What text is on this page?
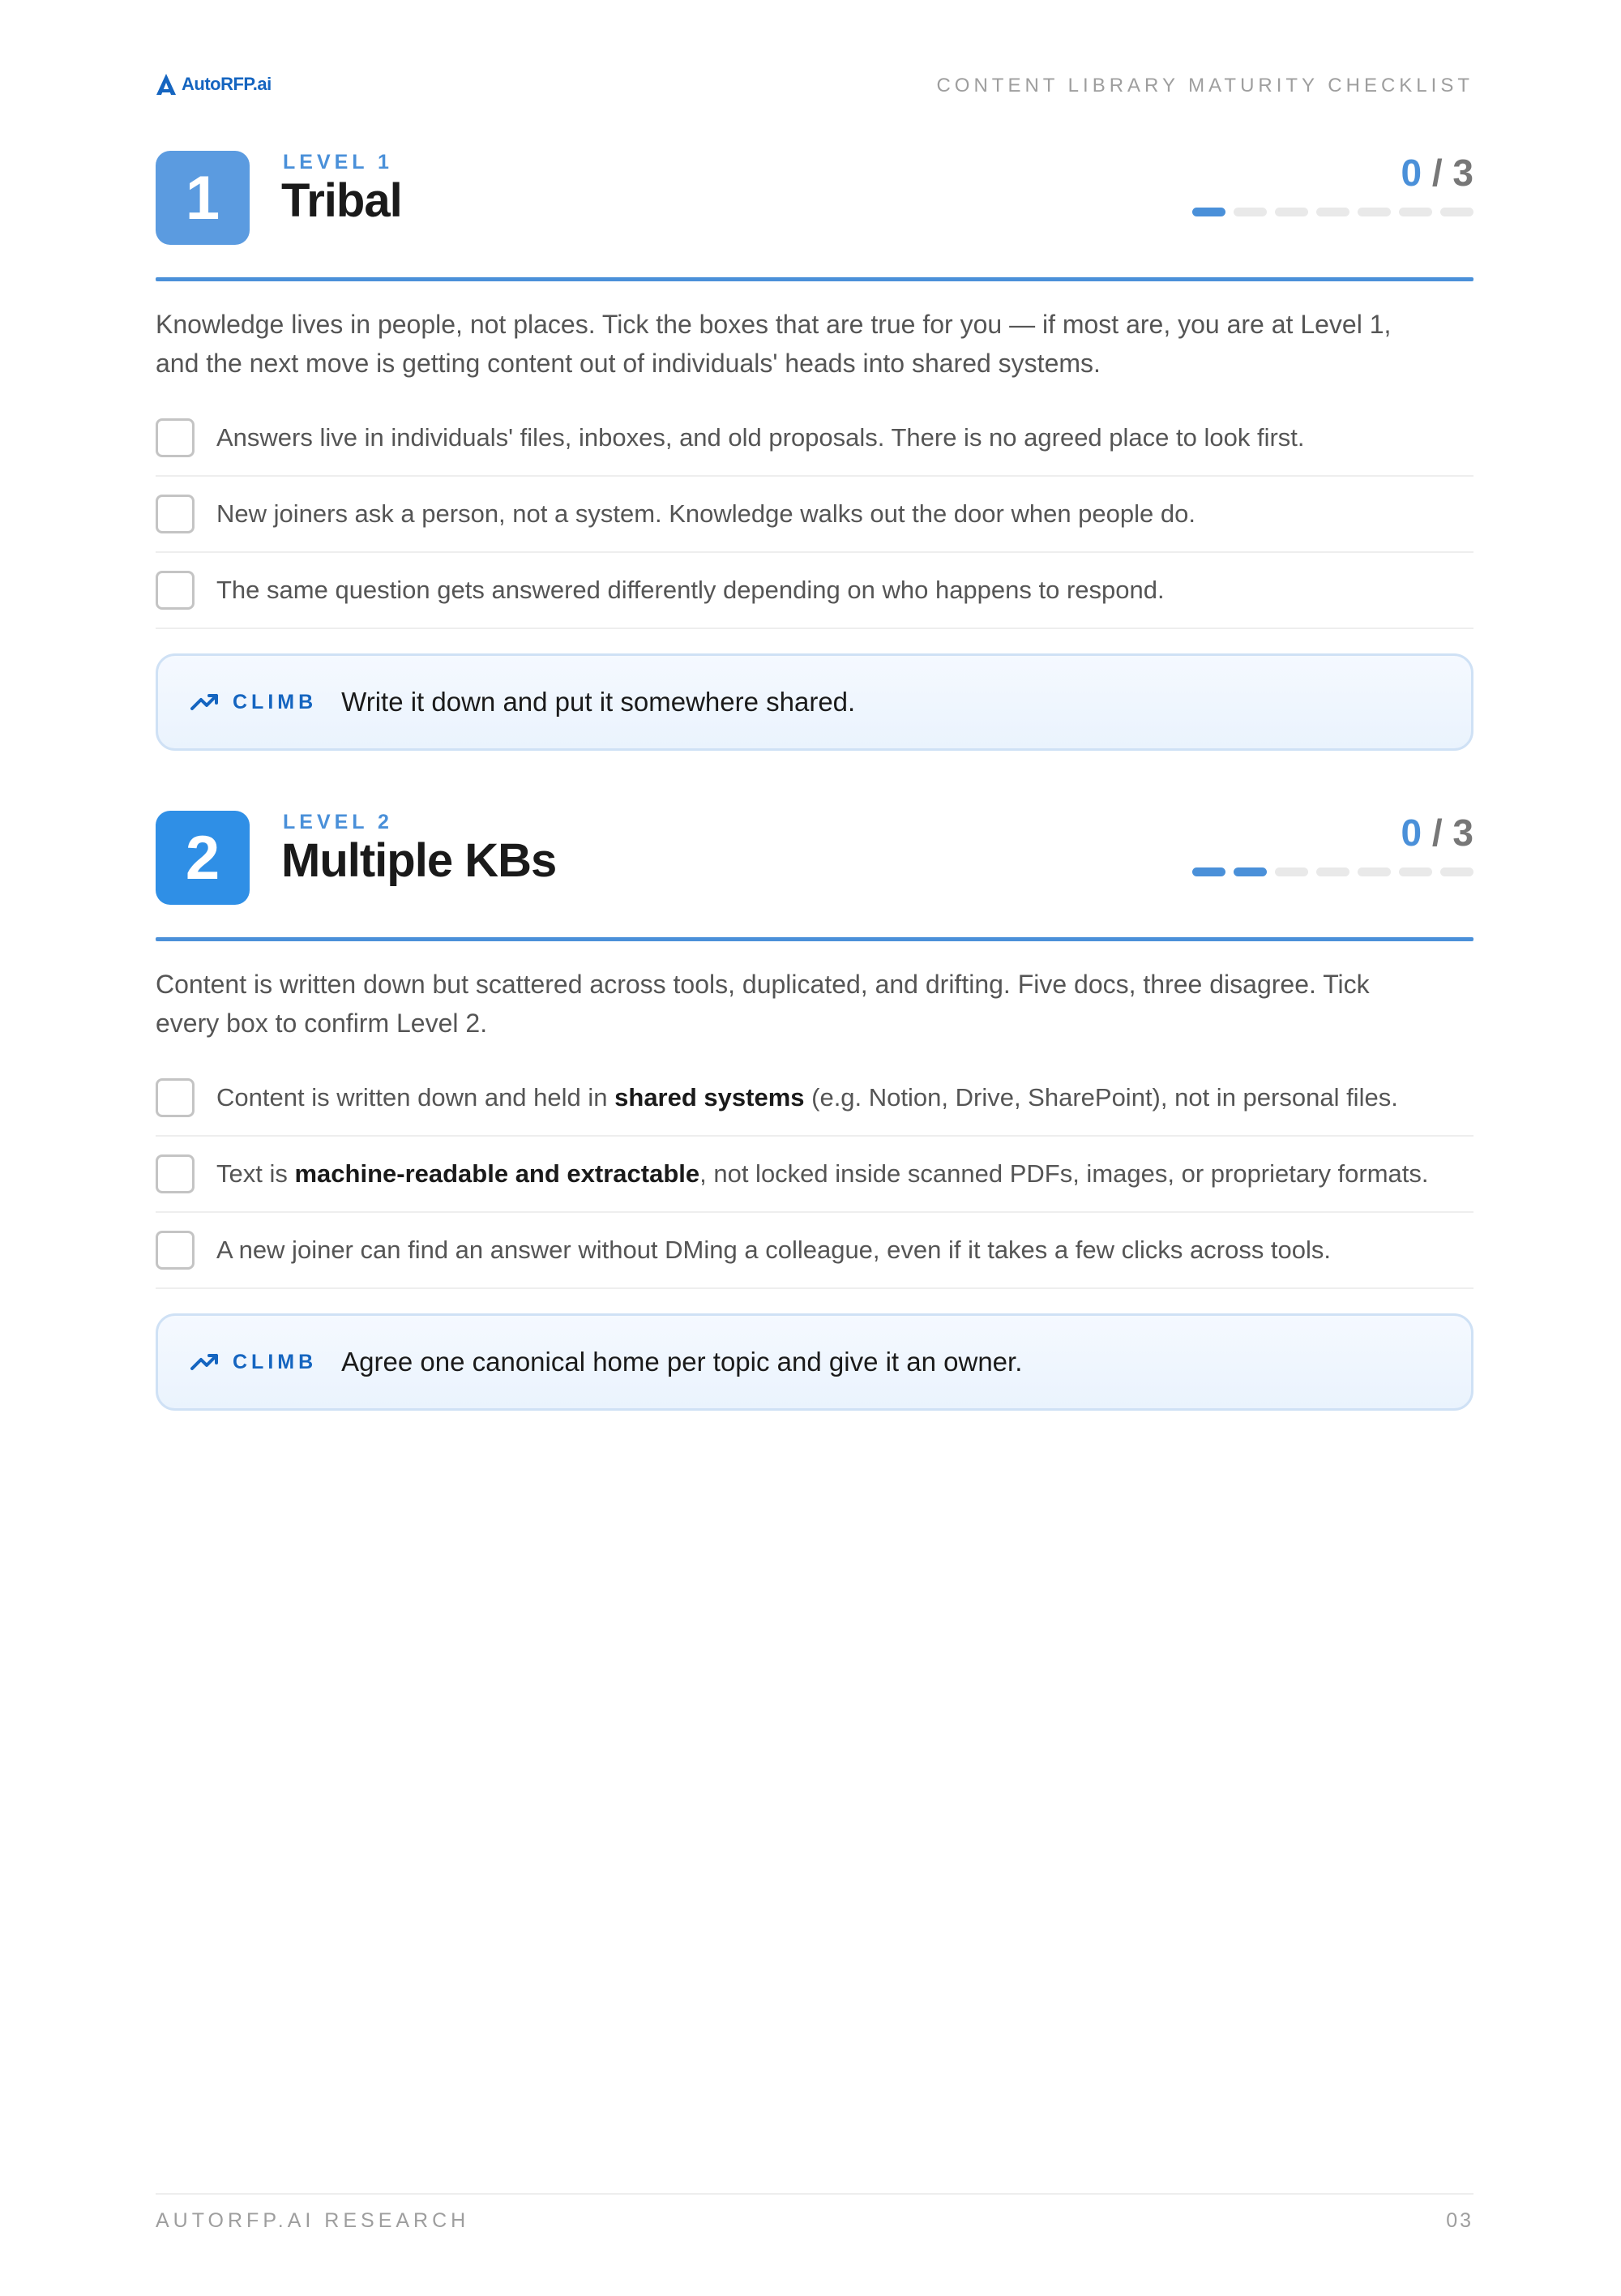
AutoRFP.ai	CONTENT LIBRARY MATURITY CHECKLIST
1
LEVEL 1
Tribal
0 / 3

Knowledge lives in people, not places. Tick the boxes that are true for you — if most are, you are at Level 1, and the next move is getting content out of individuals' heads into shared systems.

Answers live in individuals' files, inboxes, and old proposals. There is no agreed place to look first.
New joiners ask a person, not a system. Knowledge walks out the door when people do.
The same question gets answered differently depending on who happens to respond.
CLIMB Write it down and put it somewhere shared.
2
LEVEL 2
Multiple KBs
0 / 3

Content is written down but scattered across tools, duplicated, and drifting. Five docs, three disagree. Tick every box to confirm Level 2.

Content is written down and held in shared systems (e.g. Notion, Drive, SharePoint), not in personal files.
Text is machine-readable and extractable, not locked inside scanned PDFs, images, or proprietary formats.
A new joiner can find an answer without DMing a colleague, even if it takes a few clicks across tools.
CLIMB Agree one canonical home per topic and give it an owner.
AUTORFP.AI RESEARCH	03
